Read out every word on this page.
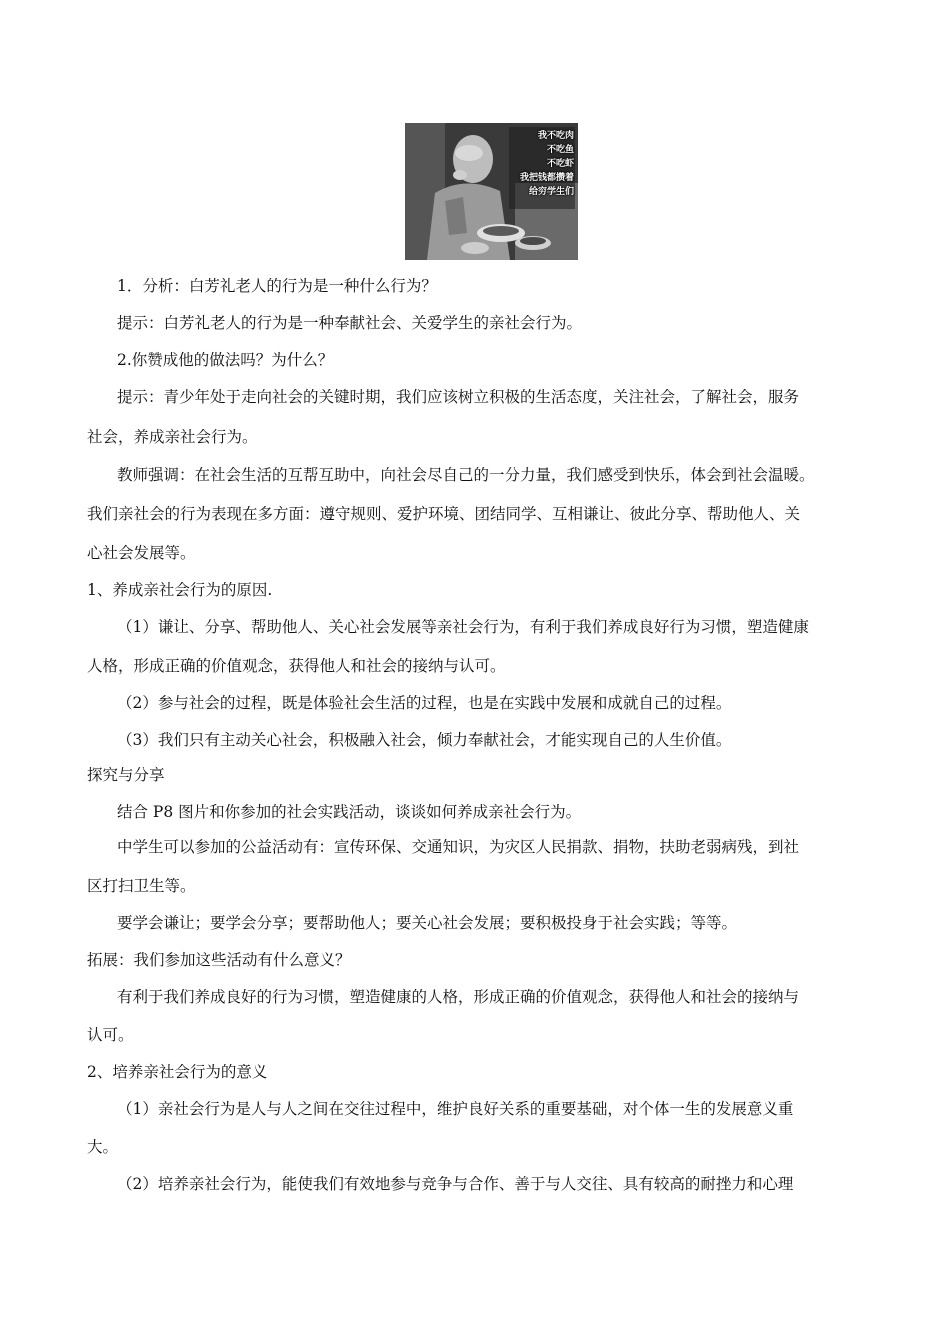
我不吃肉
不吃鱼
不吃虾
我把钱都攒着
给穷学生们
1．分析：白芳礼老人的行为是一种什么行为？
提示：白芳礼老人的行为是一种奉献社会、关爱学生的亲社会行为。
2.你赞成他的做法吗？为什么？
提示：青少年处于走向社会的关键时期，我们应该树立积极的生活态度，关注社会，了解社会，服务
社会，养成亲社会行为。
教师强调：在社会生活的互帮互助中，向社会尽自己的一分力量，我们感受到快乐，体会到社会温暖。
我们亲社会的行为表现在多方面：遵守规则、爱护环境、团结同学、互相谦让、彼此分享、帮助他人、关
心社会发展等。
1、养成亲社会行为的原因.
（1）谦让、分享、帮助他人、关心社会发展等亲社会行为，有利于我们养成良好行为习惯，塑造健康
人格，形成正确的价值观念，获得他人和社会的接纳与认可。
（2）参与社会的过程，既是体验社会生活的过程，也是在实践中发展和成就自己的过程。
（3）我们只有主动关心社会，积极融入社会，倾力奉献社会，才能实现自己的人生价值。
探究与分享
结合 P8 图片和你参加的社会实践活动，谈谈如何养成亲社会行为。
中学生可以参加的公益活动有：宣传环保、交通知识，为灾区人民捐款、捐物，扶助老弱病残，到社
区打扫卫生等。
要学会谦让；要学会分享；要帮助他人；要关心社会发展；要积极投身于社会实践；等等。
拓展：我们参加这些活动有什么意义？
有利于我们养成良好的行为习惯，塑造健康的人格，形成正确的价值观念，获得他人和社会的接纳与
认可。
2、培养亲社会行为的意义
（1）亲社会行为是人与人之间在交往过程中，维护良好关系的重要基础，对个体一生的发展意义重
大。
（2）培养亲社会行为，能使我们有效地参与竞争与合作、善于与人交往、具有较高的耐挫力和心理
